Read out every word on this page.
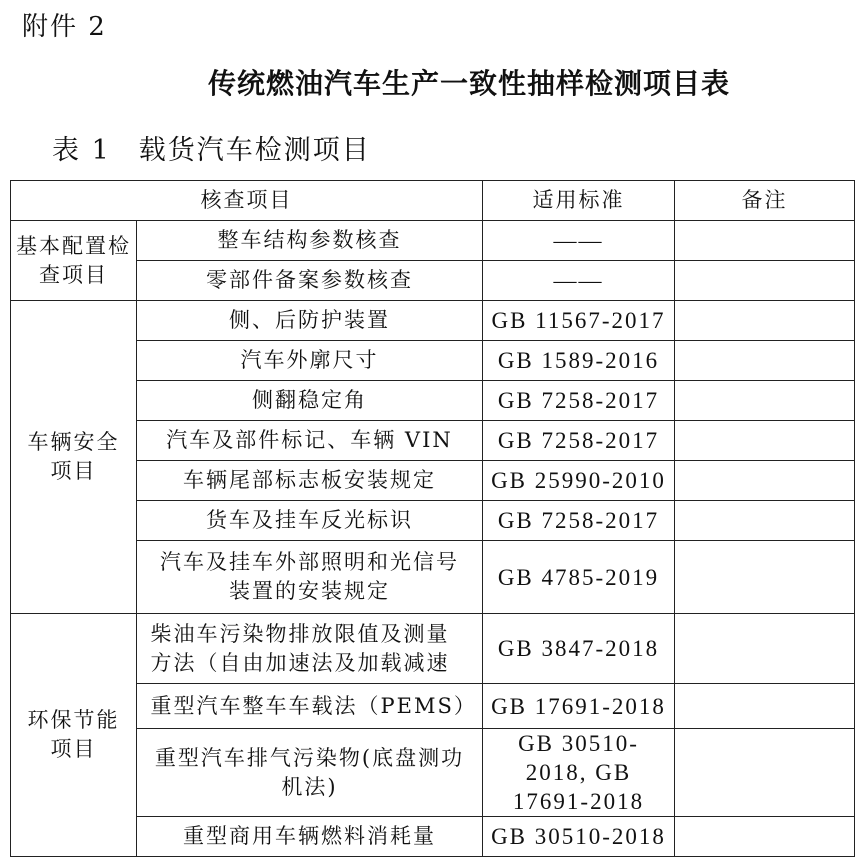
附件 2
传统燃油汽车生产一致性抽样检测项目表
表 1 载货汽车检测项目
核查项目		适用标准	备注
基本配置检查项目	整车结构参数核查	——	
	零部件备案参数核查	——	

车辆安全项目	侧、后防护装置	GB 11567-2017	
	汽车外廓尺寸	GB 1589-2016	
	侧翻稳定角	GB 7258-2017	
	汽车及部件标记、车辆 VIN	GB 7258-2017	
	车辆尾部标志板安装规定	GB 25990-2010	
	货车及挂车反光标识	GB 7258-2017	

	汽车及挂车外部照明和光信号装置的安装规定	GB 4785-2019	

环保节能项目	柴油车污染物排放限值及测量方法（自由加速法及加载减速	GB 3847-2018	

	重型汽车整车车载法（PEMS）	GB 17691-2018	

	重型汽车排气污染物(底盘测功机法)	GB 30510-2018, GB 17691-2018	

	重型商用车辆燃料消耗量	GB 30510-2018	
